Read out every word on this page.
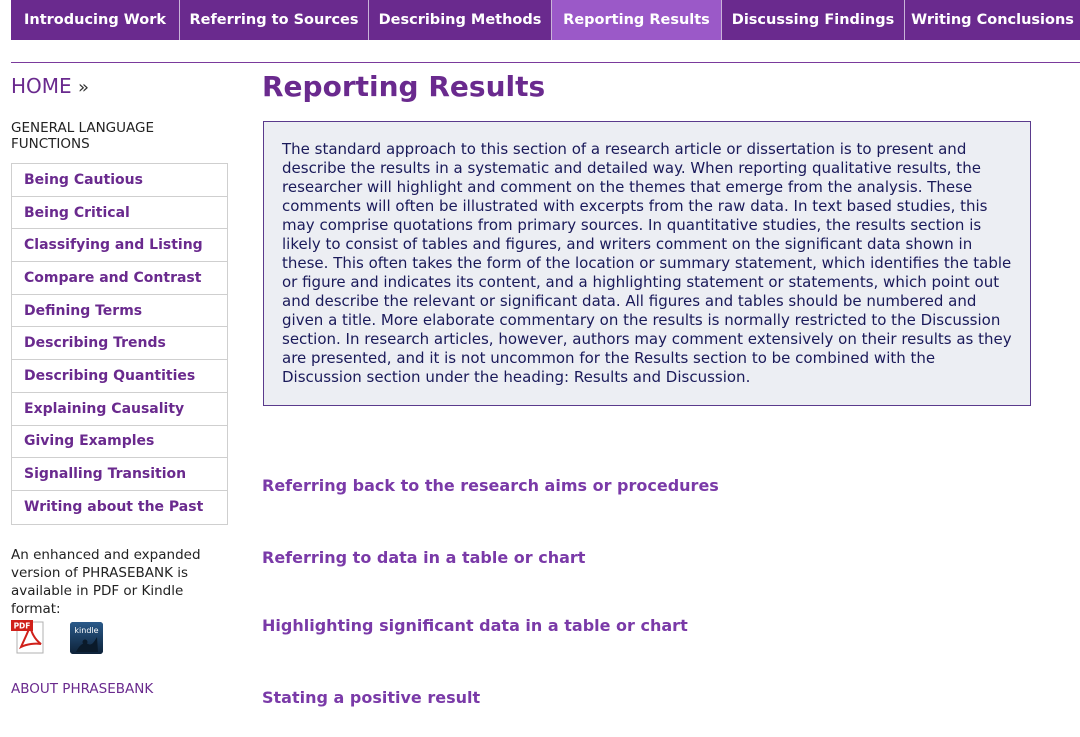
Introducing Work	Referring to Sources	Describing Methods	Reporting Results	Discussing Findings	Writing Conclusions
HOME »
GENERAL LANGUAGE FUNCTIONS
Being Cautious
Being Critical
Classifying and Listing
Compare and Contrast
Defining Terms
Describing Trends
Describing Quantities
Explaining Causality
Giving Examples
Signalling Transition
Writing about the Past
An enhanced and expanded version of PHRASEBANK is available in PDF or Kindle format:
PDF	kindle
ABOUT PHRASEBANK
Reporting Results

The standard approach to this section of a research article or dissertation is to present and describe the results in a systematic and detailed way. When reporting qualitative results, the researcher will highlight and comment on the themes that emerge from the analysis. These comments will often be illustrated with excerpts from the raw data. In text based studies, this may comprise quotations from primary sources. In quantitative studies, the results section is likely to consist of tables and figures, and writers comment on the significant data shown in these. This often takes the form of the location or summary statement, which identifies the table or figure and indicates its content, and a highlighting statement or statements, which point out and describe the relevant or significant data. All figures and tables should be numbered and given a title. More elaborate commentary on the results is normally restricted to the Discussion section. In research articles, however, authors may comment extensively on their results as they are presented, and it is not uncommon for the Results section to be combined with the Discussion section under the heading: Results and Discussion.

Referring back to the research aims or procedures
Referring to data in a table or chart
Highlighting significant data in a table or chart
Stating a positive result
